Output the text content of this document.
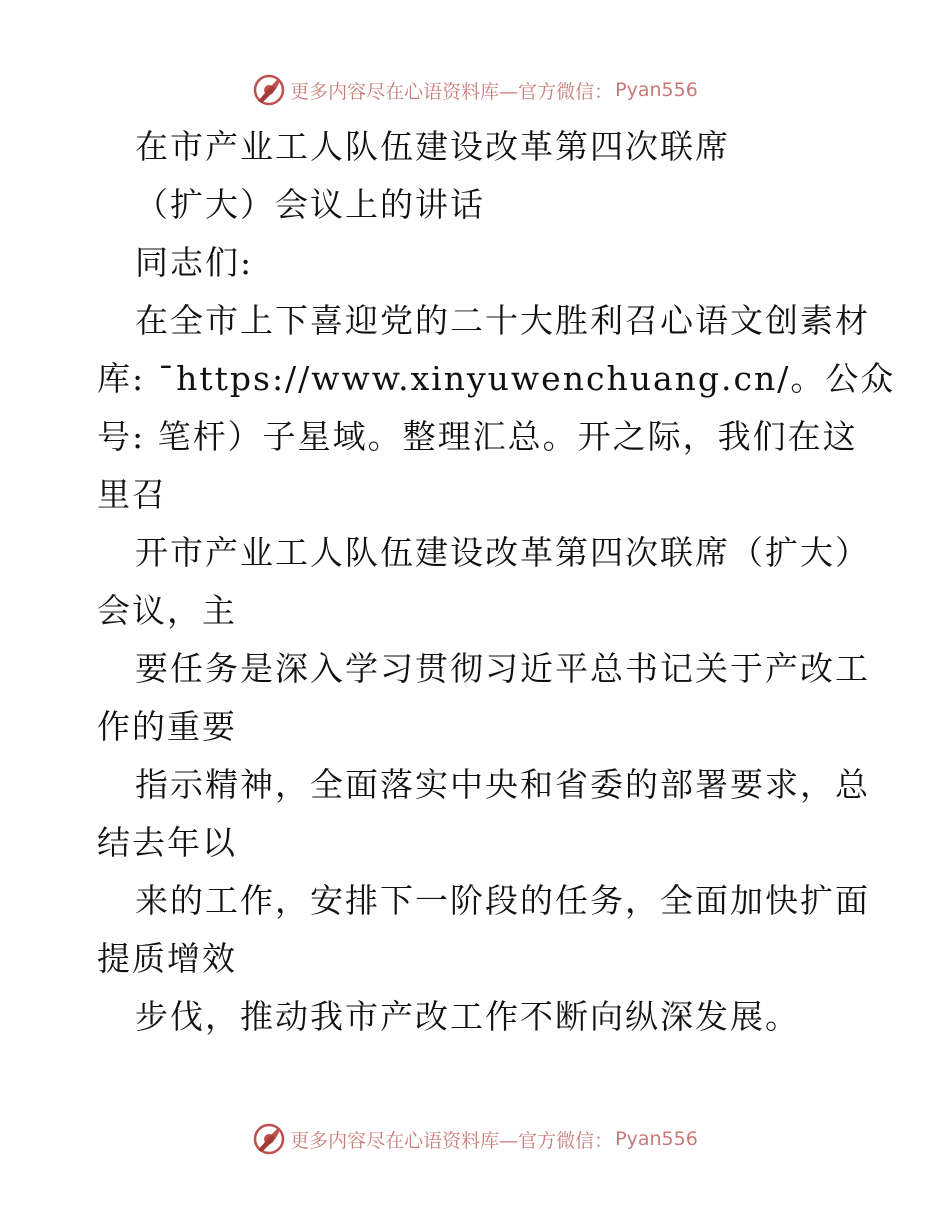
更多内容尽在心语资料库—官方微信： Pyan556
在市产业工人队伍建设改革第四次联席
（扩大）会议上的讲话
同志们:
在全市上下喜迎党的二十大胜利召心语文创素材
库: ¯https://www.xinyuwenchuang.cn/。公众
号: 笔杆）子星域。整理汇总。开之际，我们在这
里召
开市产业工人队伍建设改革第四次联席（扩大）
会议，主
要任务是深入学习贯彻习近平总书记关于产改工
作的重要
指示精神，全面落实中央和省委的部署要求，总
结去年以
来的工作，安排下一阶段的任务，全面加快扩面
提质增效
步伐，推动我市产改工作不断向纵深发展。
更多内容尽在心语资料库—官方微信： Pyan556
